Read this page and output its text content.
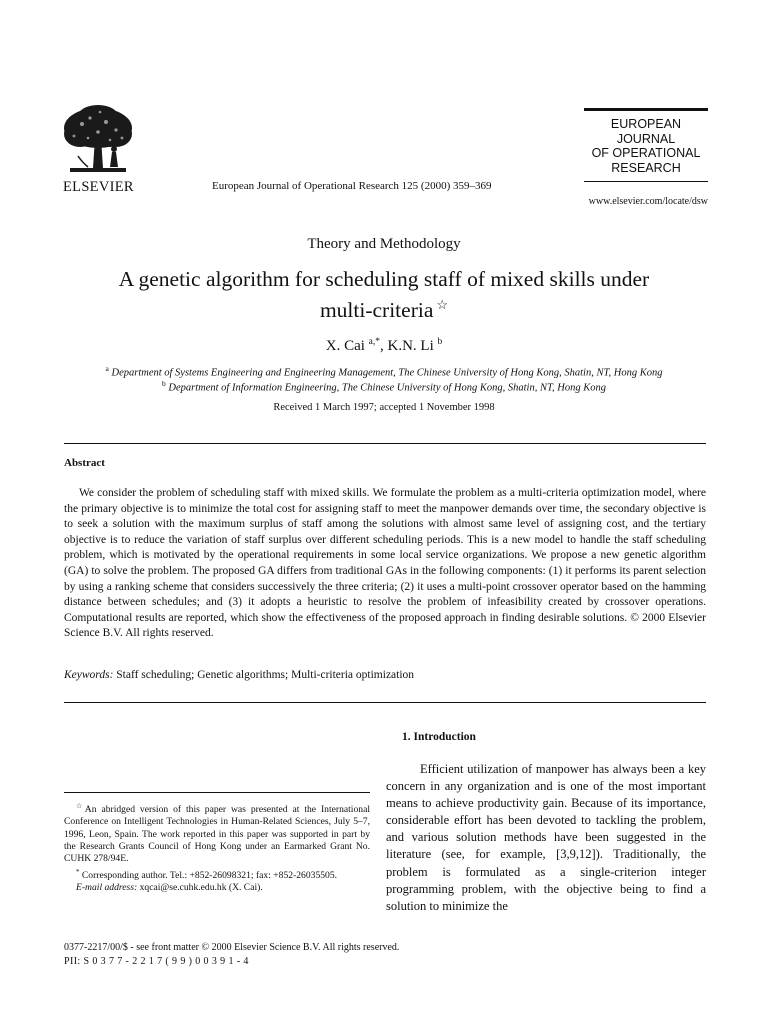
ELSEVIER	European Journal of Operational Research 125 (2000) 359–369
EUROPEAN
JOURNAL
OF OPERATIONAL
RESEARCH
www.elsevier.com/locate/dsw
Theory and Methodology
A genetic algorithm for scheduling staff of mixed skills under
multi-criteria ☆
X. Cai $^{a,*}$, K.N. Li $^b$
$^a$ Department of Systems Engineering and Engineering Management, The Chinese University of Hong Kong, Shatin, NT, Hong Kong
$^b$ Department of Information Engineering, The Chinese University of Hong Kong, Shatin, NT, Hong Kong
Received 1 March 1997; accepted 1 November 1998
Abstract
We consider the problem of scheduling staff with mixed skills. We formulate the problem as a multi-criteria optimization model, where the primary objective is to minimize the total cost for assigning staff to meet the manpower demands over time, the secondary objective is to seek a solution with the maximum surplus of staff among the solutions with almost same level of assigning cost, and the tertiary objective is to reduce the variation of staff surplus over different scheduling periods. This is a new model to handle the staff scheduling problem, which is motivated by the operational requirements in some local service organizations. We propose a new genetic algorithm (GA) to solve the problem. The proposed GA differs from traditional GAs in the following components: (1) it performs its parent selection by using a ranking scheme that considers successively the three criteria; (2) it uses a multi-point crossover operator based on the hamming distance between schedules; and (3) it adopts a heuristic to resolve the problem of infeasibility created by crossover operations. Computational results are reported, which show the effectiveness of the proposed approach in finding desirable solutions. © 2000 Elsevier Science B.V. All rights reserved.
Keywords: Staff scheduling; Genetic algorithms; Multi-criteria optimization
1. Introduction
Efficient utilization of manpower has always been a key concern in any organization and is one of the most important means to achieve productivity gain. Because of its importance, considerable effort has been devoted to tackling the problem, and various solution methods have been suggested in the literature (see, for example, [3,9,12]). Traditionally, the problem is formulated as a single-criterion integer programming problem, with the objective being to find a solution to minimize the

☆An abridged version of this paper was presented at the International Conference on Intelligent Technologies in Human-Related Sciences, July 5–7, 1996, Leon, Spain. The work reported in this paper was supported in part by the Research Grants Council of Hong Kong under an Earmarked Grant No. CUHK 278/94E.

* Corresponding author. Tel.: +852-26098321; fax: +852-26035505.

E-mail address: xqcai@se.cuhk.edu.hk (X. Cai).

0377-2217/00/$ - see front matter © 2000 Elsevier Science B.V. All rights reserved.
PII: S 0 3 7 7 - 2 2 1 7 ( 9 9 ) 0 0 3 9 1 - 4
